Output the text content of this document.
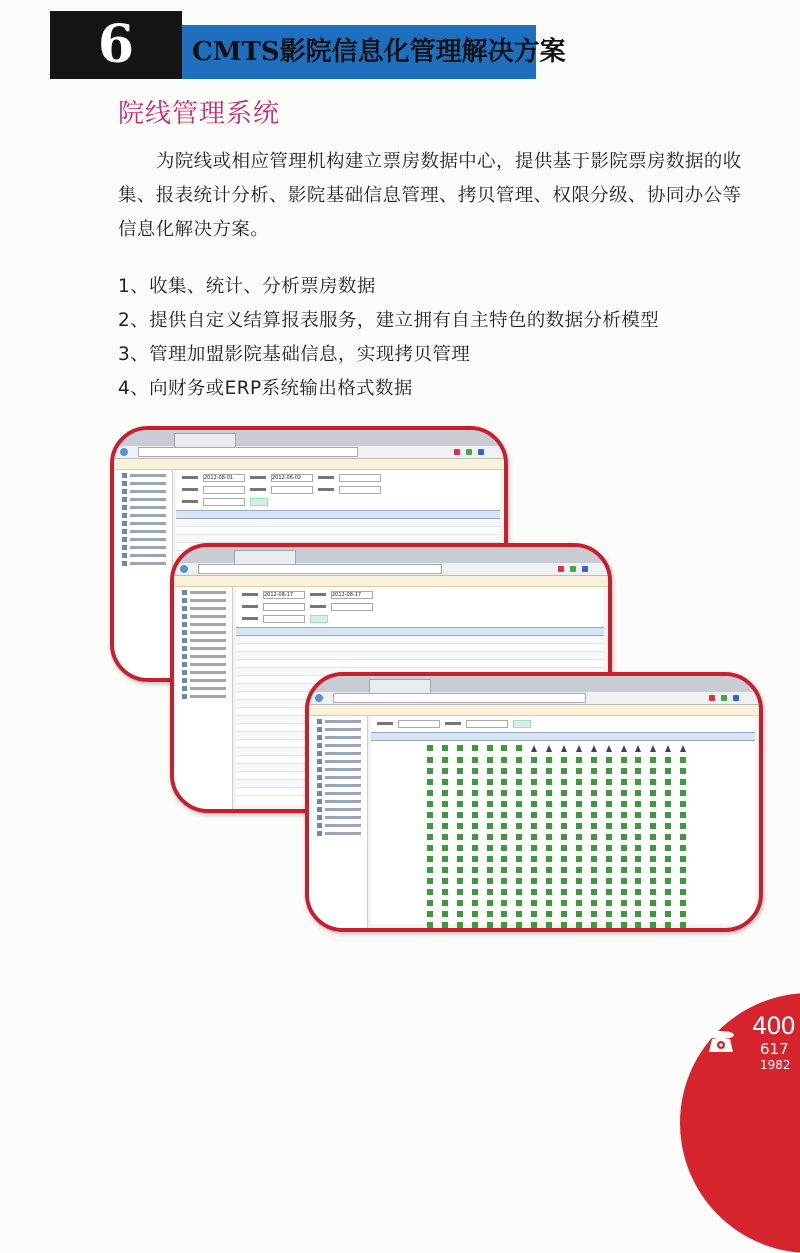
6	CMTS影院信息化管理解决方案
院线管理系统

为院线或相应管理机构建立票房数据中心，提供基于影院票房数据的收集、报表统计分析、影院基础信息管理、拷贝管理、权限分级、协同办公等信息化解决方案。

1、收集、统计、分析票房数据
2、提供自定义结算报表服务，建立拥有自主特色的数据分析模型
3、管理加盟影院基础信息，实现拷贝管理
4、向财务或ERP系统输出格式数据
2012-08-01	2012-06-02
2012-08-17	2012-08-17
400
617
1982
